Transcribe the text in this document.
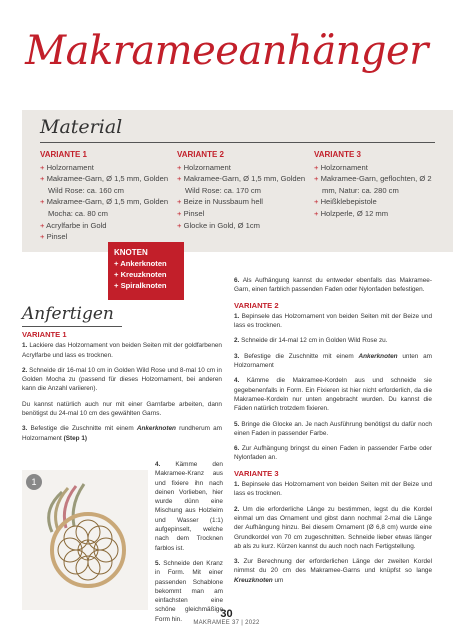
Makrameeanhänger
Material
VARIANTE 1
+ Holzornament
+ Makramee-Garn, Ø 1,5 mm, Golden Wild Rose: ca. 160 cm
+ Makramee-Garn, Ø 1,5 mm, Golden Mocha: ca. 80 cm
+ Acrylfarbe in Gold
+ Pinsel
VARIANTE 2
+ Holzornament
+ Makramee-Garn, Ø 1,5 mm, Golden Wild Rose: ca. 170 cm
+ Beize in Nussbaum hell
+ Pinsel
+ Glocke in Gold, Ø 1cm
VARIANTE 3
+ Holzornament
+ Makramee-Garn, geflochten, Ø 2 mm, Natur: ca. 280 cm
+ Heißklebepistole
+ Holzperle, Ø 12 mm
KNOTEN
+ Ankerknoten
+ Kreuzknoten
+ Spiralknoten
Anfertigen
VARIANTE 1

1. Lackiere das Holzornament von beiden Seiten mit der goldfarbenen Acrylfarbe und lass es trocknen.

2. Schneide dir 16-mal 10 cm in Golden Wild Rose und 8-mal 10 cm in Golden Mocha zu (passend für dieses Holzornament, bei anderen kann die Anzahl variieren).

Du kannst natürlich auch nur mit einer Garnfarbe arbeiten, dann benötigst du 24-mal 10 cm des gewählten Garns.

3. Befestige die Zuschnitte mit einem Ankerknoten rundherum am Holzornament (Step 1)

1

4. Kämme den Makramee-Kranz aus und fixiere ihn nach deinen Vorlieben, hier wurde dünn eine Mischung aus Holzleim und Wasser (1:1) aufgepinselt, welche nach dem Trocknen farblos ist.

5. Schneide den Kranz in Form. Mit einer passenden Schablone bekommt man am einfachsten eine schöne gleichmäßige Form hin.

6. Als Aufhängung kannst du entweder ebenfalls das Makramee-Garn, einen farblich passenden Faden oder Nylonfaden befestigen.

VARIANTE 2

1. Bepinsele das Holzornament von beiden Seiten mit der Beize und lass es trocknen.

2. Schneide dir 14-mal 12 cm in Golden Wild Rose zu.

3. Befestige die Zuschnitte mit einem Ankerknoten unten am Holzornament

4. Kämme die Makramee-Kordeln aus und schneide sie gegebenenfalls in Form. Ein Fixieren ist hier nicht erforderlich, da die Makramee-Kordeln nur unten angebracht wurden. Du kannst die Fäden natürlich trotzdem fixieren.

5. Bringe die Glocke an. Je nach Ausführung benötigst du dafür noch einen Faden in passender Farbe.

6. Zur Aufhängung bringst du einen Faden in passender Farbe oder Nylonfaden an.

VARIANTE 3

1. Bepinsele das Holzornament von beiden Seiten mit der Beize und lass es trocknen.

2. Um die erforderliche Länge zu bestimmen, legst du die Kordel einmal um das Ornament und gibst dann nochmal 2-mal die Länge der Aufhängung hinzu. Bei diesem Ornament (Ø 6,8 cm) wurde eine Grundkordel von 70 cm zugeschnitten. Schneide lieber etwas länger ab als zu kurz. Kürzen kannst du auch noch nach Fertigstellung.

3. Zur Berechnung der erforderlichen Länge der zweiten Kordel nimmst du 20 cm des Makramee-Garns und knüpfst so lange Kreuzknoten um

30
MAKRAMEE 37 | 2022
